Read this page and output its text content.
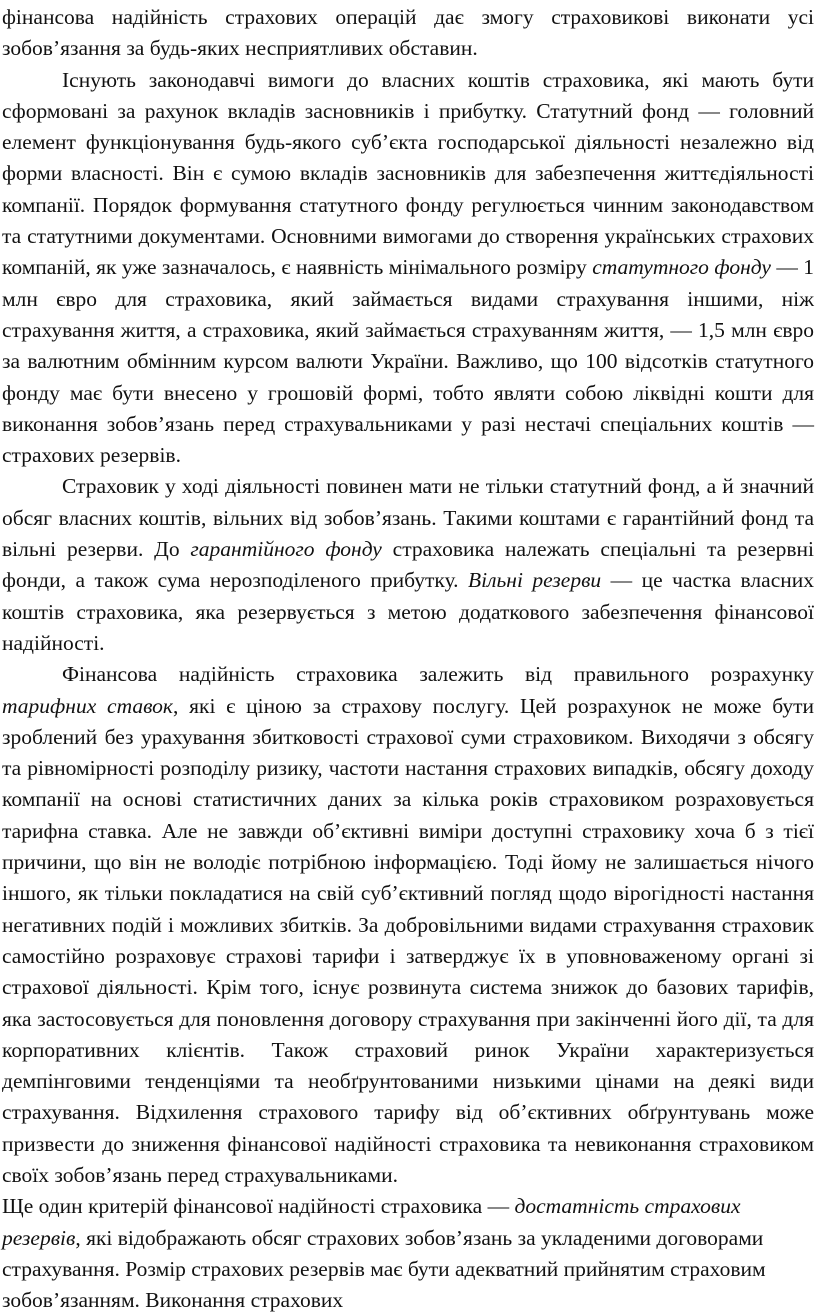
фінансова надійність страхових операцій дає змогу страховикові виконати усі зобов’язання за будь-яких несприятливих обставин.

Існують законодавчі вимоги до власних коштів страховика, які мають бути сформовані за рахунок вкладів засновників і прибутку. Статутний фонд — головний елемент функціонування будь-якого суб’єкта господарської діяльності незалежно від форми власності. Він є сумою вкладів засновників для забезпечення життєдіяльності компанії. Порядок формування статутного фонду регулюється чинним законодавством та статутними документами. Основними вимогами до створення українських страхових компаній, як уже зазначалось, є наявність мінімального розміру статутного фонду — 1 млн євро для страховика, який займається видами страхування іншими, ніж страхування життя, а страховика, який займається страхуванням життя, — 1,5 млн євро за валютним обмінним курсом валюти України. Важливо, що 100 відсотків статутного фонду має бути внесено у грошовій формі, тобто являти собою ліквідні кошти для виконання зобов’язань перед страхувальниками у разі нестачі спеціальних коштів — страхових резервів.

Страховик у ході діяльності повинен мати не тільки статутний фонд, а й значний обсяг власних коштів, вільних від зобов’язань. Такими коштами є гарантійний фонд та вільні резерви. До гарантійного фонду страховика належать спеціальні та резервні фонди, а також сума нерозподіленого прибутку. Вільні резерви — це частка власних коштів страховика, яка резервується з метою додаткового забезпечення фінансової надійності.

Фінансова надійність страховика залежить від правильного розрахунку тарифних ставок, які є ціною за страхову послугу. Цей розрахунок не може бути зроблений без урахування збитковості страхової суми страховиком. Виходячи з обсягу та рівномірності розподілу ризику, частоти настання страхових випадків, обсягу доходу компанії на основі статистичних даних за кілька років страховиком розраховується тарифна ставка. Але не завжди об’єктивні виміри доступні страховику хоча б з тієї причини, що він не володіє потрібною інформацією. Тоді йому не залишається нічого іншого, як тільки покладатися на свій суб’єктивний погляд щодо вірогідності настання негативних подій і можливих збитків. За добровільними видами страхування страховик самостійно розраховує страхові тарифи і затверджує їх в уповноваженому органі зі страхової діяльності. Крім того, існує розвинута система знижок до базових тарифів, яка застосовується для поновлення договору страхування при закінченні його дії, та для корпоративних клієнтів. Також страховий ринок України характеризується демпінговими тенденціями та необґрунтованими низькими цінами на деякі види страхування. Відхилення страхового тарифу від об’єктивних обґрунтувань може призвести до зниження фінансової надійності страховика та невиконання страховиком своїх зобов’язань перед страхувальниками.

Ще один критерій фінансової надійності страховика — достатність страхових резервів, які відображають обсяг страхових зобов’язань за укладеними договорами страхування. Розмір страхових резервів має бути адекватний прийнятим страховим зобов’язанням. Виконання страхових
